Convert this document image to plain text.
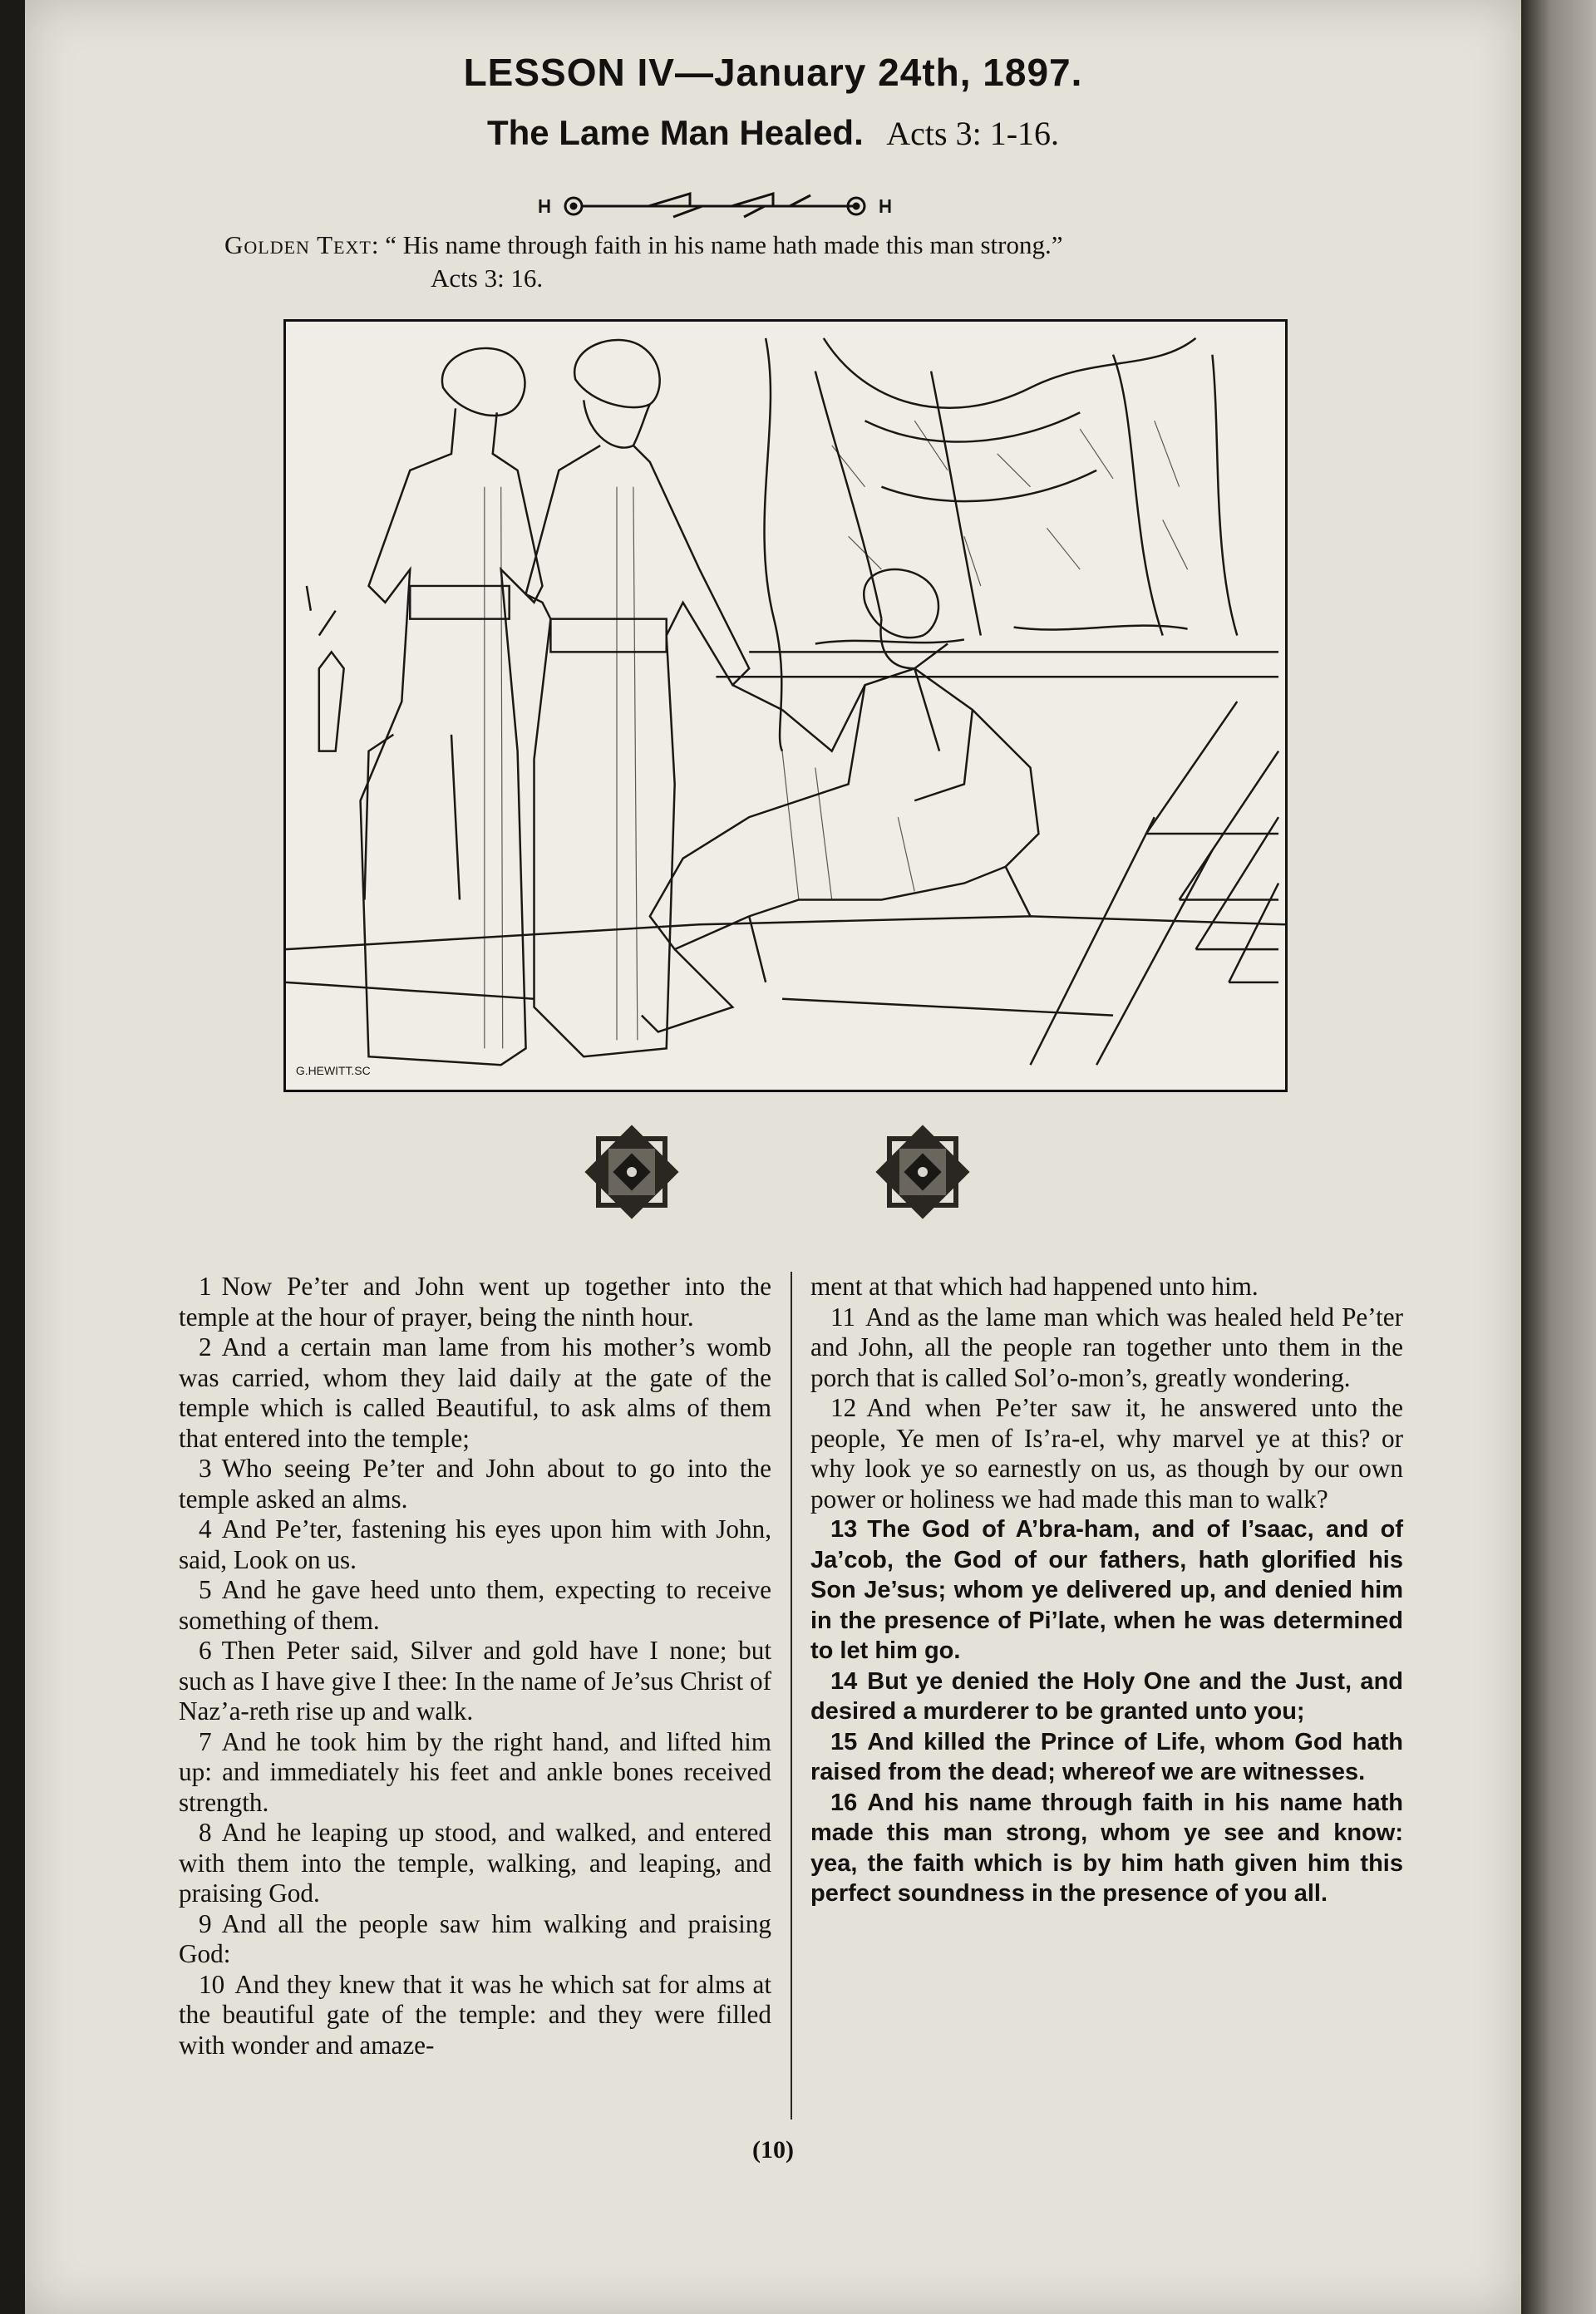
LESSON IV—January 24th, 1897.
The Lame Man Healed. Acts 3: 1-16.
Golden Text: “ His name through faith in his name hath made this man strong.”
Acts 3: 16.
G.HEWITT.SC

1 Now Pe’ter and John went up together into the temple at the hour of prayer, being the ninth hour.

2 And a certain man lame from his mother’s womb was carried, whom they laid daily at the gate of the temple which is called Beautiful, to ask alms of them that entered into the temple;

3 Who seeing Pe’ter and John about to go into the temple asked an alms.

4 And Pe’ter, fastening his eyes upon him with John, said, Look on us.

5 And he gave heed unto them, expecting to receive something of them.

6 Then Peter said, Silver and gold have I none; but such as I have give I thee: In the name of Je’sus Christ of Naz’a-reth rise up and walk.

7 And he took him by the right hand, and lifted him up: and immediately his feet and ankle bones received strength.

8 And he leaping up stood, and walked, and entered with them into the temple, walking, and leaping, and praising God.

9 And all the people saw him walking and praising God:

10 And they knew that it was he which sat for alms at the beautiful gate of the temple: and they were filled with wonder and amaze-

ment at that which had happened unto him.

11 And as the lame man which was healed held Pe’ter and John, all the people ran together unto them in the porch that is called Sol’o-mon’s, greatly wondering.

12 And when Pe’ter saw it, he answered unto the people, Ye men of Is’ra-el, why marvel ye at this? or why look ye so earnestly on us, as though by our own power or holiness we had made this man to walk?

13 The God of A’bra-ham, and of I’saac, and of Ja’cob, the God of our fathers, hath glorified his Son Je’sus; whom ye delivered up, and denied him in the presence of Pi’late, when he was determined to let him go.

14 But ye denied the Holy One and the Just, and desired a murderer to be granted unto you;

15 And killed the Prince of Life, whom God hath raised from the dead; whereof we are witnesses.

16 And his name through faith in his name hath made this man strong, whom ye see and know: yea, the faith which is by him hath given him this perfect soundness in the presence of you all.

(10)
